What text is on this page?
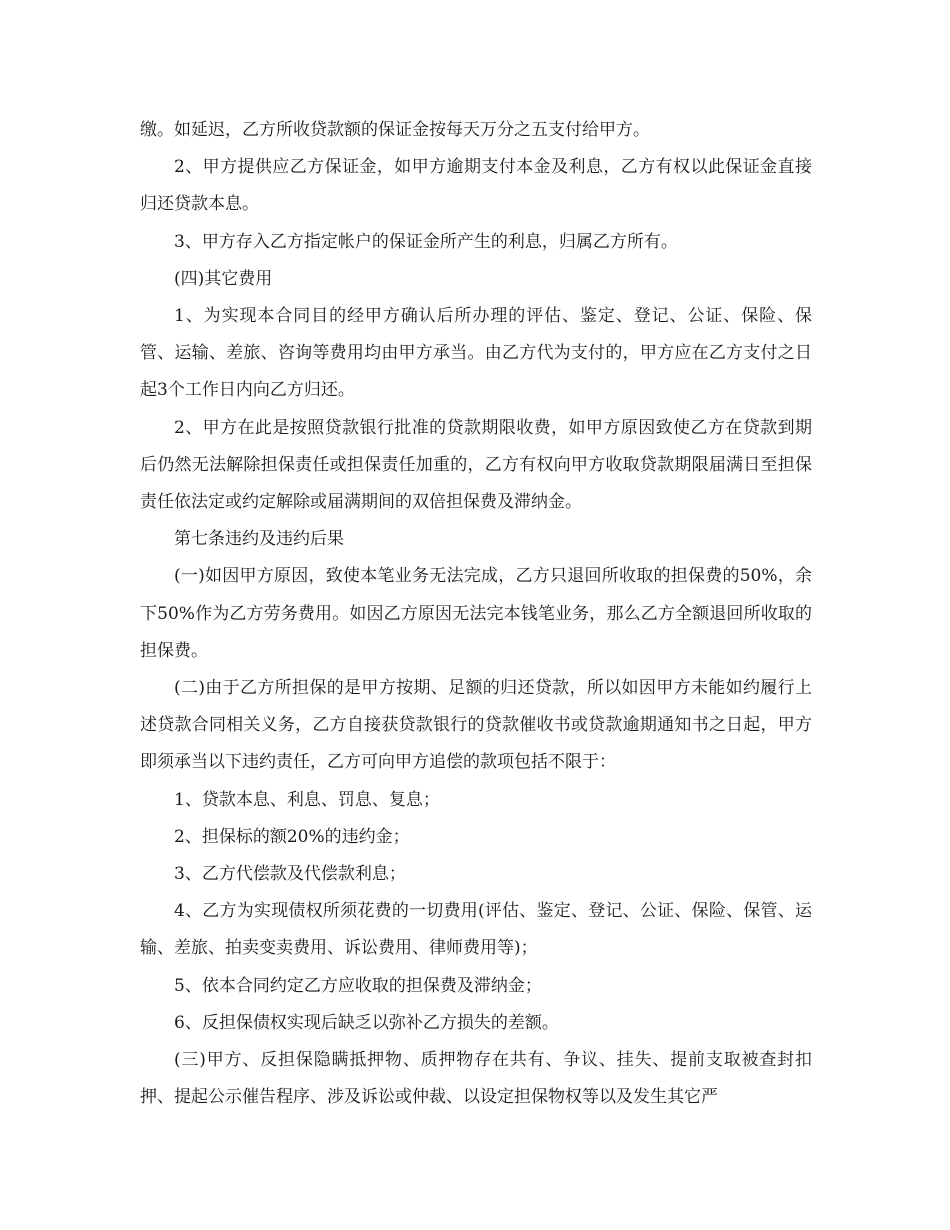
缴。如延迟，乙方所收贷款额的保证金按每天万分之五支付给甲方。

2、甲方提供应乙方保证金，如甲方逾期支付本金及利息，乙方有权以此保证金直接归还贷款本息。

3、甲方存入乙方指定帐户的保证金所产生的利息，归属乙方所有。

(四)其它费用

1、为实现本合同目的经甲方确认后所办理的评估、鉴定、登记、公证、保险、保管、运输、差旅、咨询等费用均由甲方承当。由乙方代为支付的，甲方应在乙方支付之日起3个工作日内向乙方归还。

2、甲方在此是按照贷款银行批准的贷款期限收费，如甲方原因致使乙方在贷款到期后仍然无法解除担保责任或担保责任加重的，乙方有权向甲方收取贷款期限届满日至担保责任依法定或约定解除或届满期间的双倍担保费及滞纳金。

第七条违约及违约后果

(一)如因甲方原因，致使本笔业务无法完成，乙方只退回所收取的担保费的50%，余下50%作为乙方劳务费用。如因乙方原因无法完本钱笔业务，那么乙方全额退回所收取的担保费。

(二)由于乙方所担保的是甲方按期、足额的归还贷款，所以如因甲方未能如约履行上述贷款合同相关义务，乙方自接获贷款银行的贷款催收书或贷款逾期通知书之日起，甲方即须承当以下违约责任，乙方可向甲方追偿的款项包括不限于：

1、贷款本息、利息、罚息、复息；

2、担保标的额20%的违约金；

3、乙方代偿款及代偿款利息；

4、乙方为实现债权所须花费的一切费用(评估、鉴定、登记、公证、保险、保管、运输、差旅、拍卖变卖费用、诉讼费用、律师费用等)；

5、依本合同约定乙方应收取的担保费及滞纳金；

6、反担保债权实现后缺乏以弥补乙方损失的差额。

(三)甲方、反担保隐瞒抵押物、质押物存在共有、争议、挂失、提前支取被查封扣押、提起公示催告程序、涉及诉讼或仲裁、以设定担保物权等以及发生其它严
